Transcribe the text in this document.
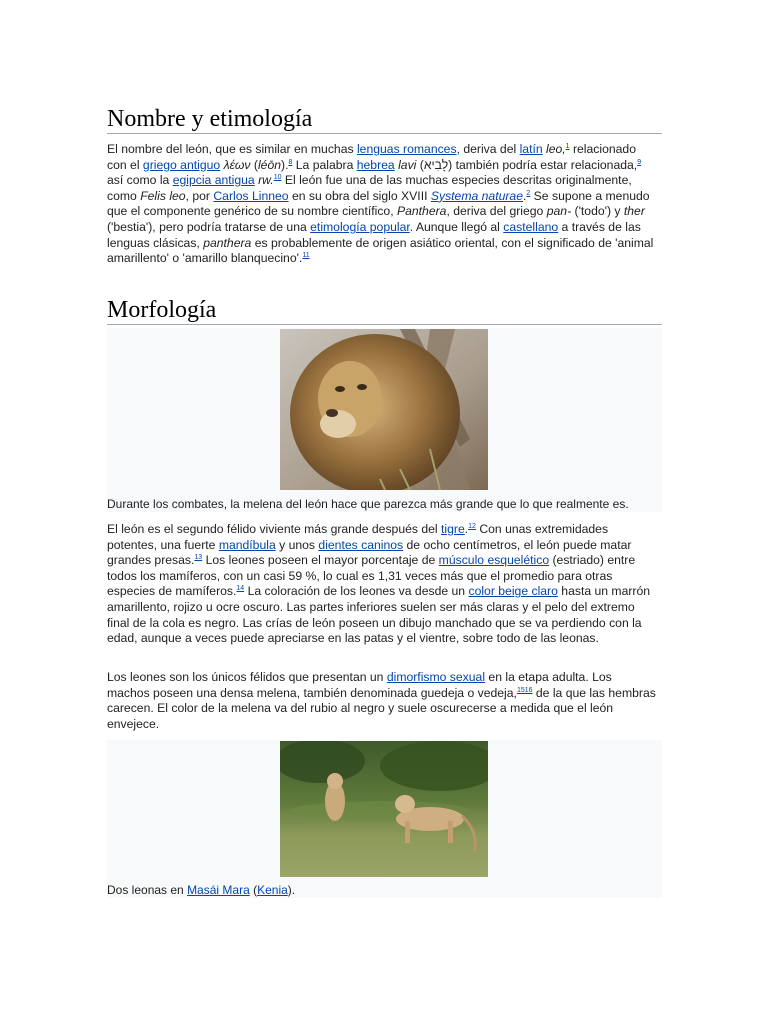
Nombre y etimología

El nombre del león, que es similar en muchas lenguas romances, deriva del latín leo,$^1$ relacionado con el griego antiguo λέων (léōn).$^8$ La palabra hebrea lavi (לָבִיא) también podría estar relacionada,$^9$ así como la egipcia antigua rw.$^{10}$ El león fue una de las muchas especies descritas originalmente, como Felis leo, por Carlos Linneo en su obra del siglo XVIII Systema naturae.$^2$ Se supone a menudo que el componente genérico de su nombre científico, Panthera, deriva del griego pan- ('todo') y ther ('bestia'), pero podría tratarse de una etimología popular. Aunque llegó al castellano a través de las lenguas clásicas, panthera es probablemente de origen asiático oriental, con el significado de 'animal amarillento' o 'amarillo blanquecino'.$^{11}$

Morfología
Durante los combates, la melena del león hace que parezca más grande que lo que realmente es.

El león es el segundo félido viviente más grande después del tigre.$^{12}$ Con unas extremidades potentes, una fuerte mandíbula y unos dientes caninos de ocho centímetros, el león puede matar grandes presas.$^{13}$ Los leones poseen el mayor porcentaje de músculo esquelético (estriado) entre todos los mamíferos, con un casi 59 %, lo cual es 1,31 veces más que el promedio para otras especies de mamíferos.$^{14}$ La coloración de los leones va desde un color beige claro hasta un marrón amarillento, rojizo u ocre oscuro. Las partes inferiores suelen ser más claras y el pelo del extremo final de la cola es negro. Las crías de león poseen un dibujo manchado que se va perdiendo con la edad, aunque a veces puede apreciarse en las patas y el vientre, sobre todo de las leonas.

Los leones son los únicos félidos que presentan un dimorfismo sexual en la etapa adulta. Los machos poseen una densa melena, también denominada guedeja o vedeja,$^{1516}$ de la que las hembras carecen. El color de la melena va del rubio al negro y suele oscurecerse a medida que el león envejece.

Dos leonas en Masái Mara (Kenia).
